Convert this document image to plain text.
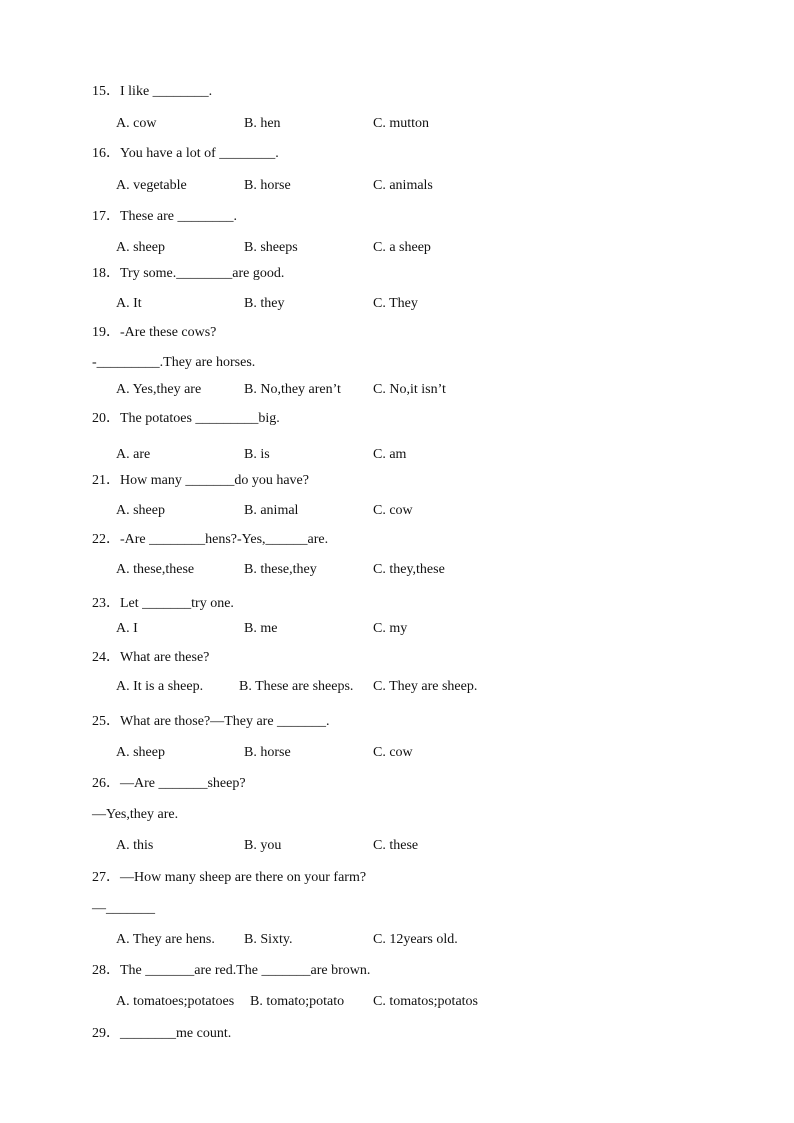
15．I like ________.
A. cow	B. hen	C. mutton
16．You have a lot of ________.
A. vegetable	B. horse	C. animals
17．These are ________.
A. sheep	B. sheeps	C. a sheep
18．Try some.________are good.
A. It	B. they	C. They
19．-Are these cows?
-_________.They are horses.
A. Yes,they are	B. No,they aren’t C. No,it isn’t
20．The potatoes _________big.
A. are	B. is	C. am
21．How many _______do you have?
A. sheep	B. animal	C. cow
22．-Are ________hens?-Yes,______are.
A. these,these	B. these,they	C. they,these
23．Let _______try one.
A. I	B. me	C. my
24．What are these?
A. It is a sheep.	B. These are sheeps. C. They are sheep.
25．What are those?—They are _______.
A. sheep	B. horse	C. cow
26．—Are _______sheep?
—Yes,they are.
A. this	B. you	C. these
27．—How many sheep are there on your farm?
—_______
A. They are hens. B. Sixty.	C. 12years old.
28．The _______are red.The _______are brown.
A. tomatoes;potatoes B. tomato;potato C. tomatos;potatos
29．________me count.
